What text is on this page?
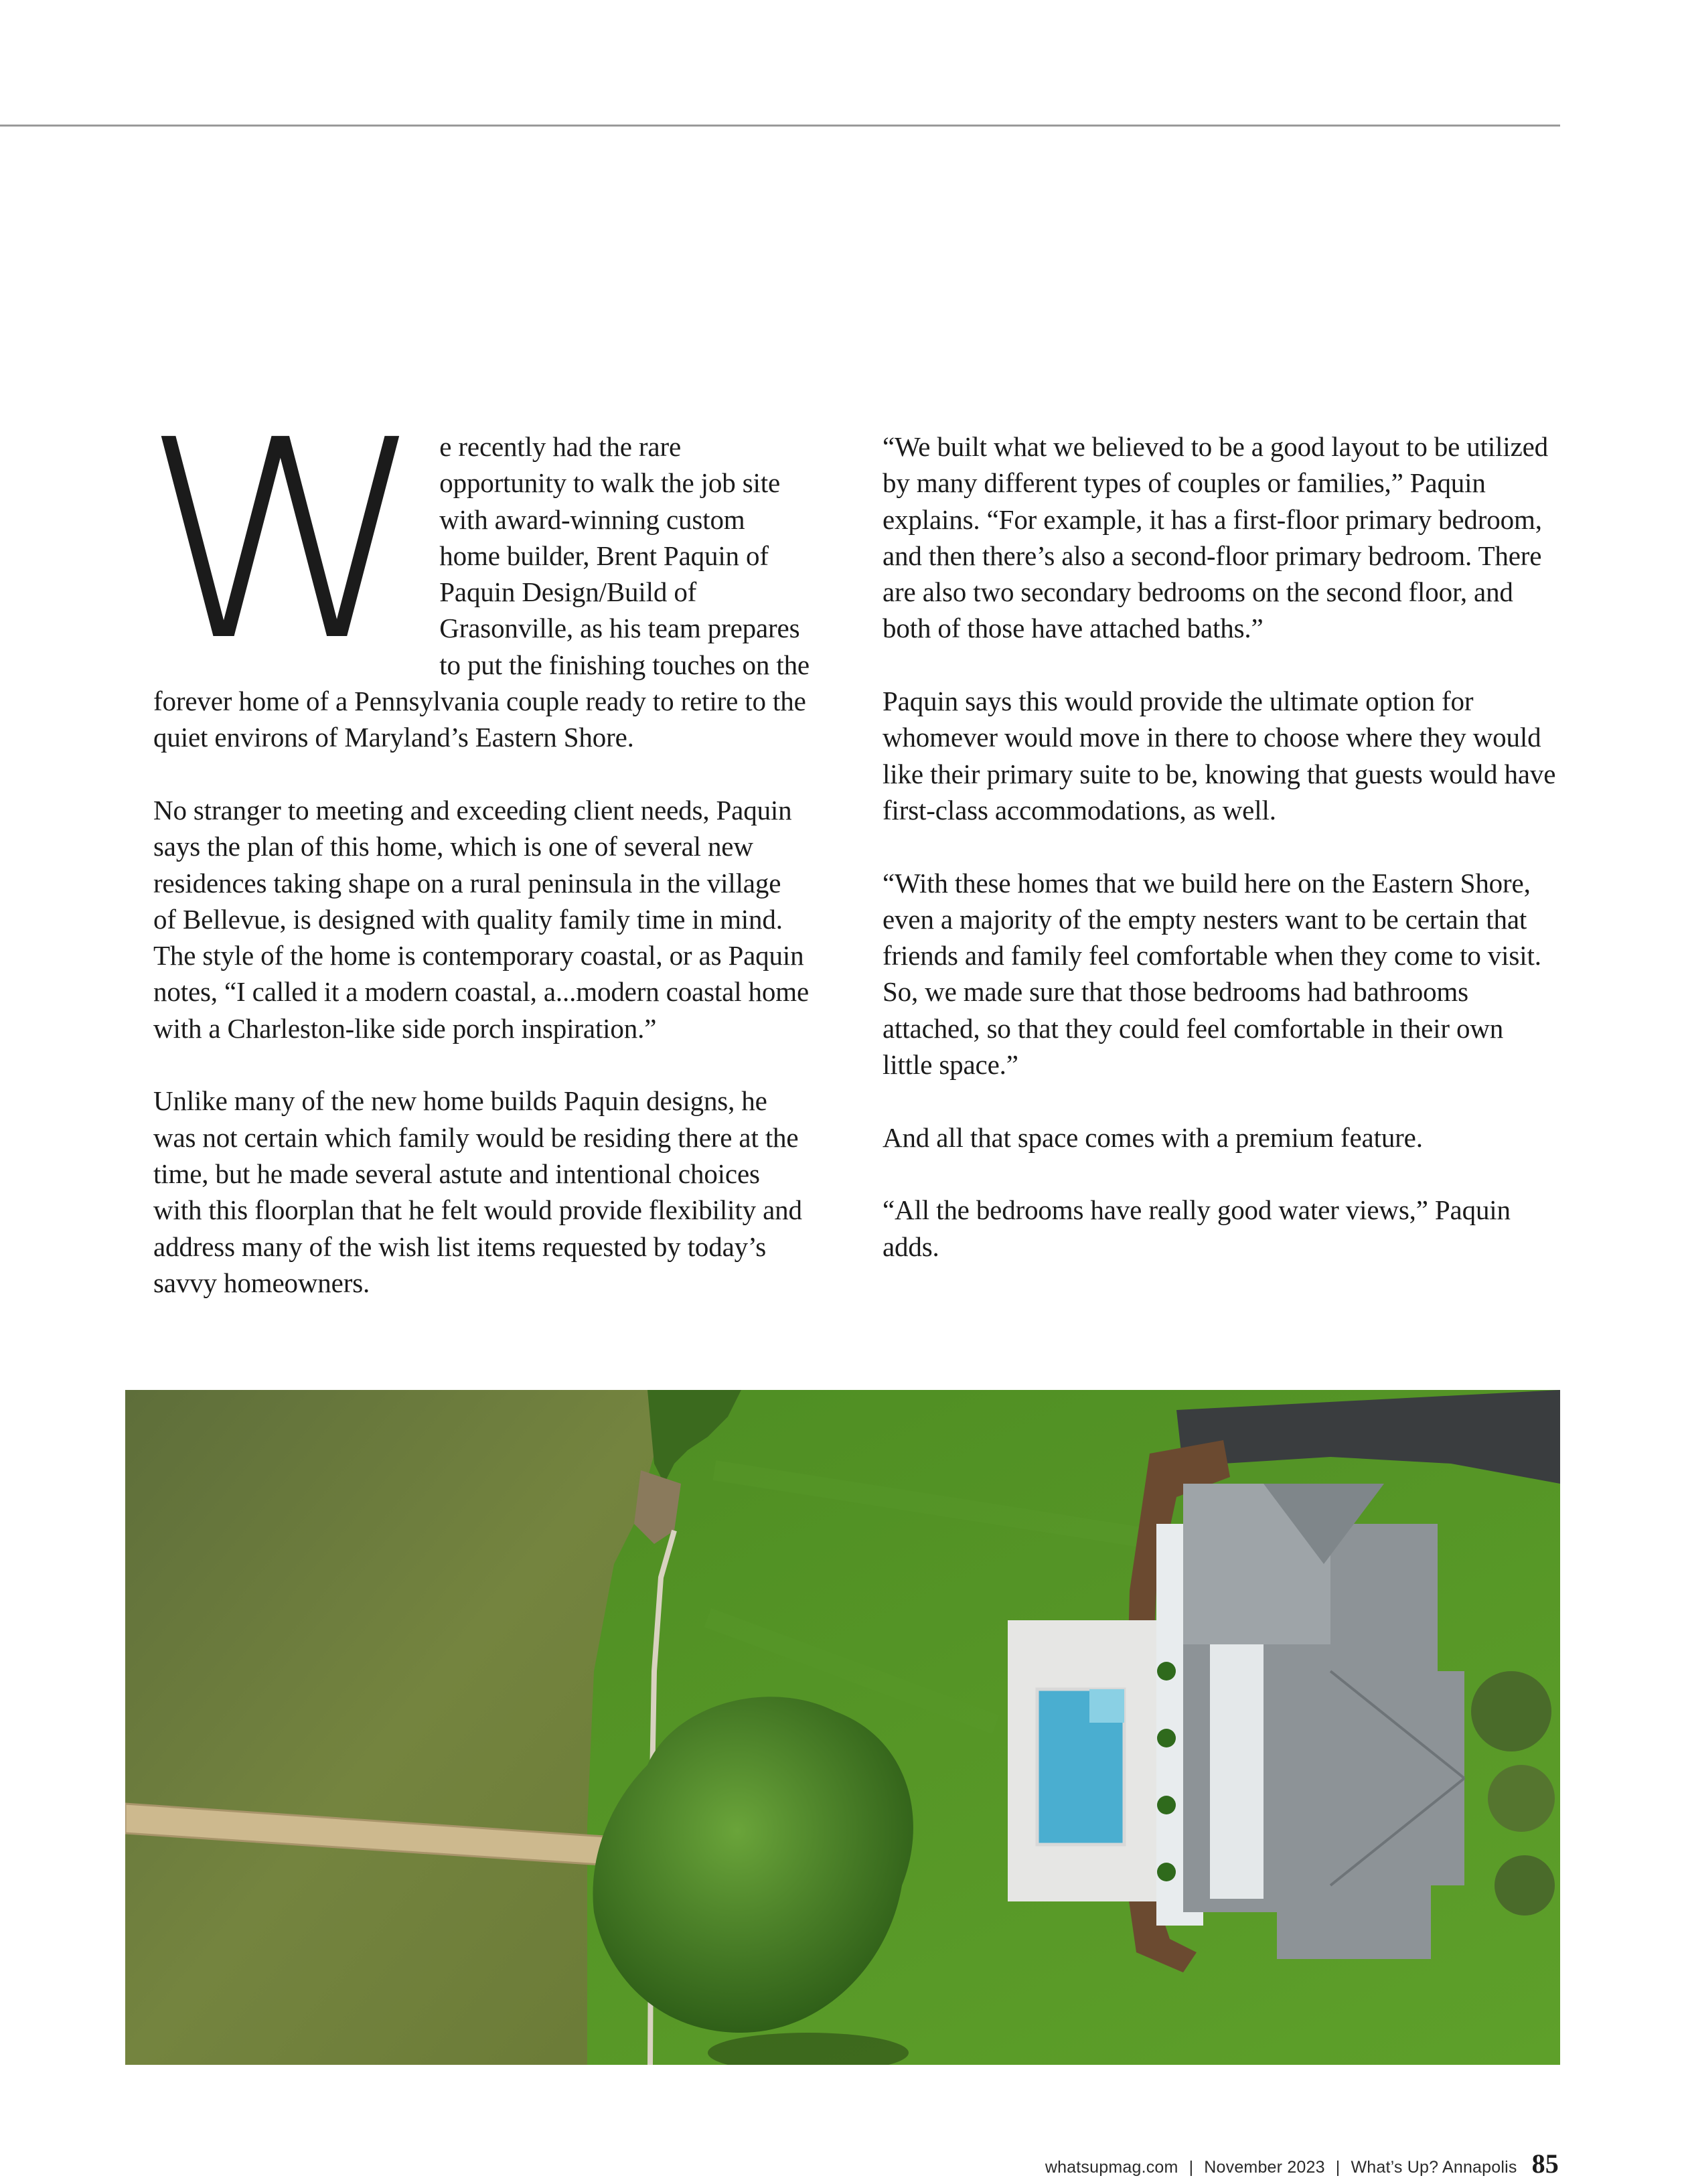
We recently had the rare opportunity to walk the job site with award-winning custom home builder, Brent Paquin of Paquin Design/Build of Grasonville, as his team prepares to put the finishing touches on the forever home of a Pennsylvania couple ready to retire to the quiet environs of Maryland’s Eastern Shore.

No stranger to meeting and exceeding client needs, Paquin says the plan of this home, which is one of several new residences taking shape on a rural peninsula in the village of Bellevue, is designed with quality family time in mind. The style of the home is contemporary coastal, or as Paquin notes, “I called it a modern coastal, a...modern coastal home with a Charleston-like side porch inspiration.”

Unlike many of the new home builds Paquin designs, he was not certain which family would be residing there at the time, but he made several astute and intentional choices with this floorplan that he felt would provide flexibility and address many of the wish list items requested by today’s savvy homeowners.

“We built what we believed to be a good layout to be utilized by many different types of couples or families,” Paquin explains. “For example, it has a first-floor primary bedroom, and then there’s also a second-floor primary bedroom. There are also two secondary bedrooms on the second floor, and both of those have attached baths.”

Paquin says this would provide the ultimate option for whomever would move in there to choose where they would like their primary suite to be, knowing that guests would have first-class accommodations, as well.

“With these homes that we build here on the Eastern Shore, even a majority of the empty nesters want to be certain that friends and family feel comfortable when they come to visit. So, we made sure that those bedrooms had bathrooms attached, so that they could feel comfortable in their own little space.”

And all that space comes with a premium feature.

“All the bedrooms have really good water views,” Paquin adds.

whatsupmag.com | November 2023 | What’s Up? Annapolis 85
